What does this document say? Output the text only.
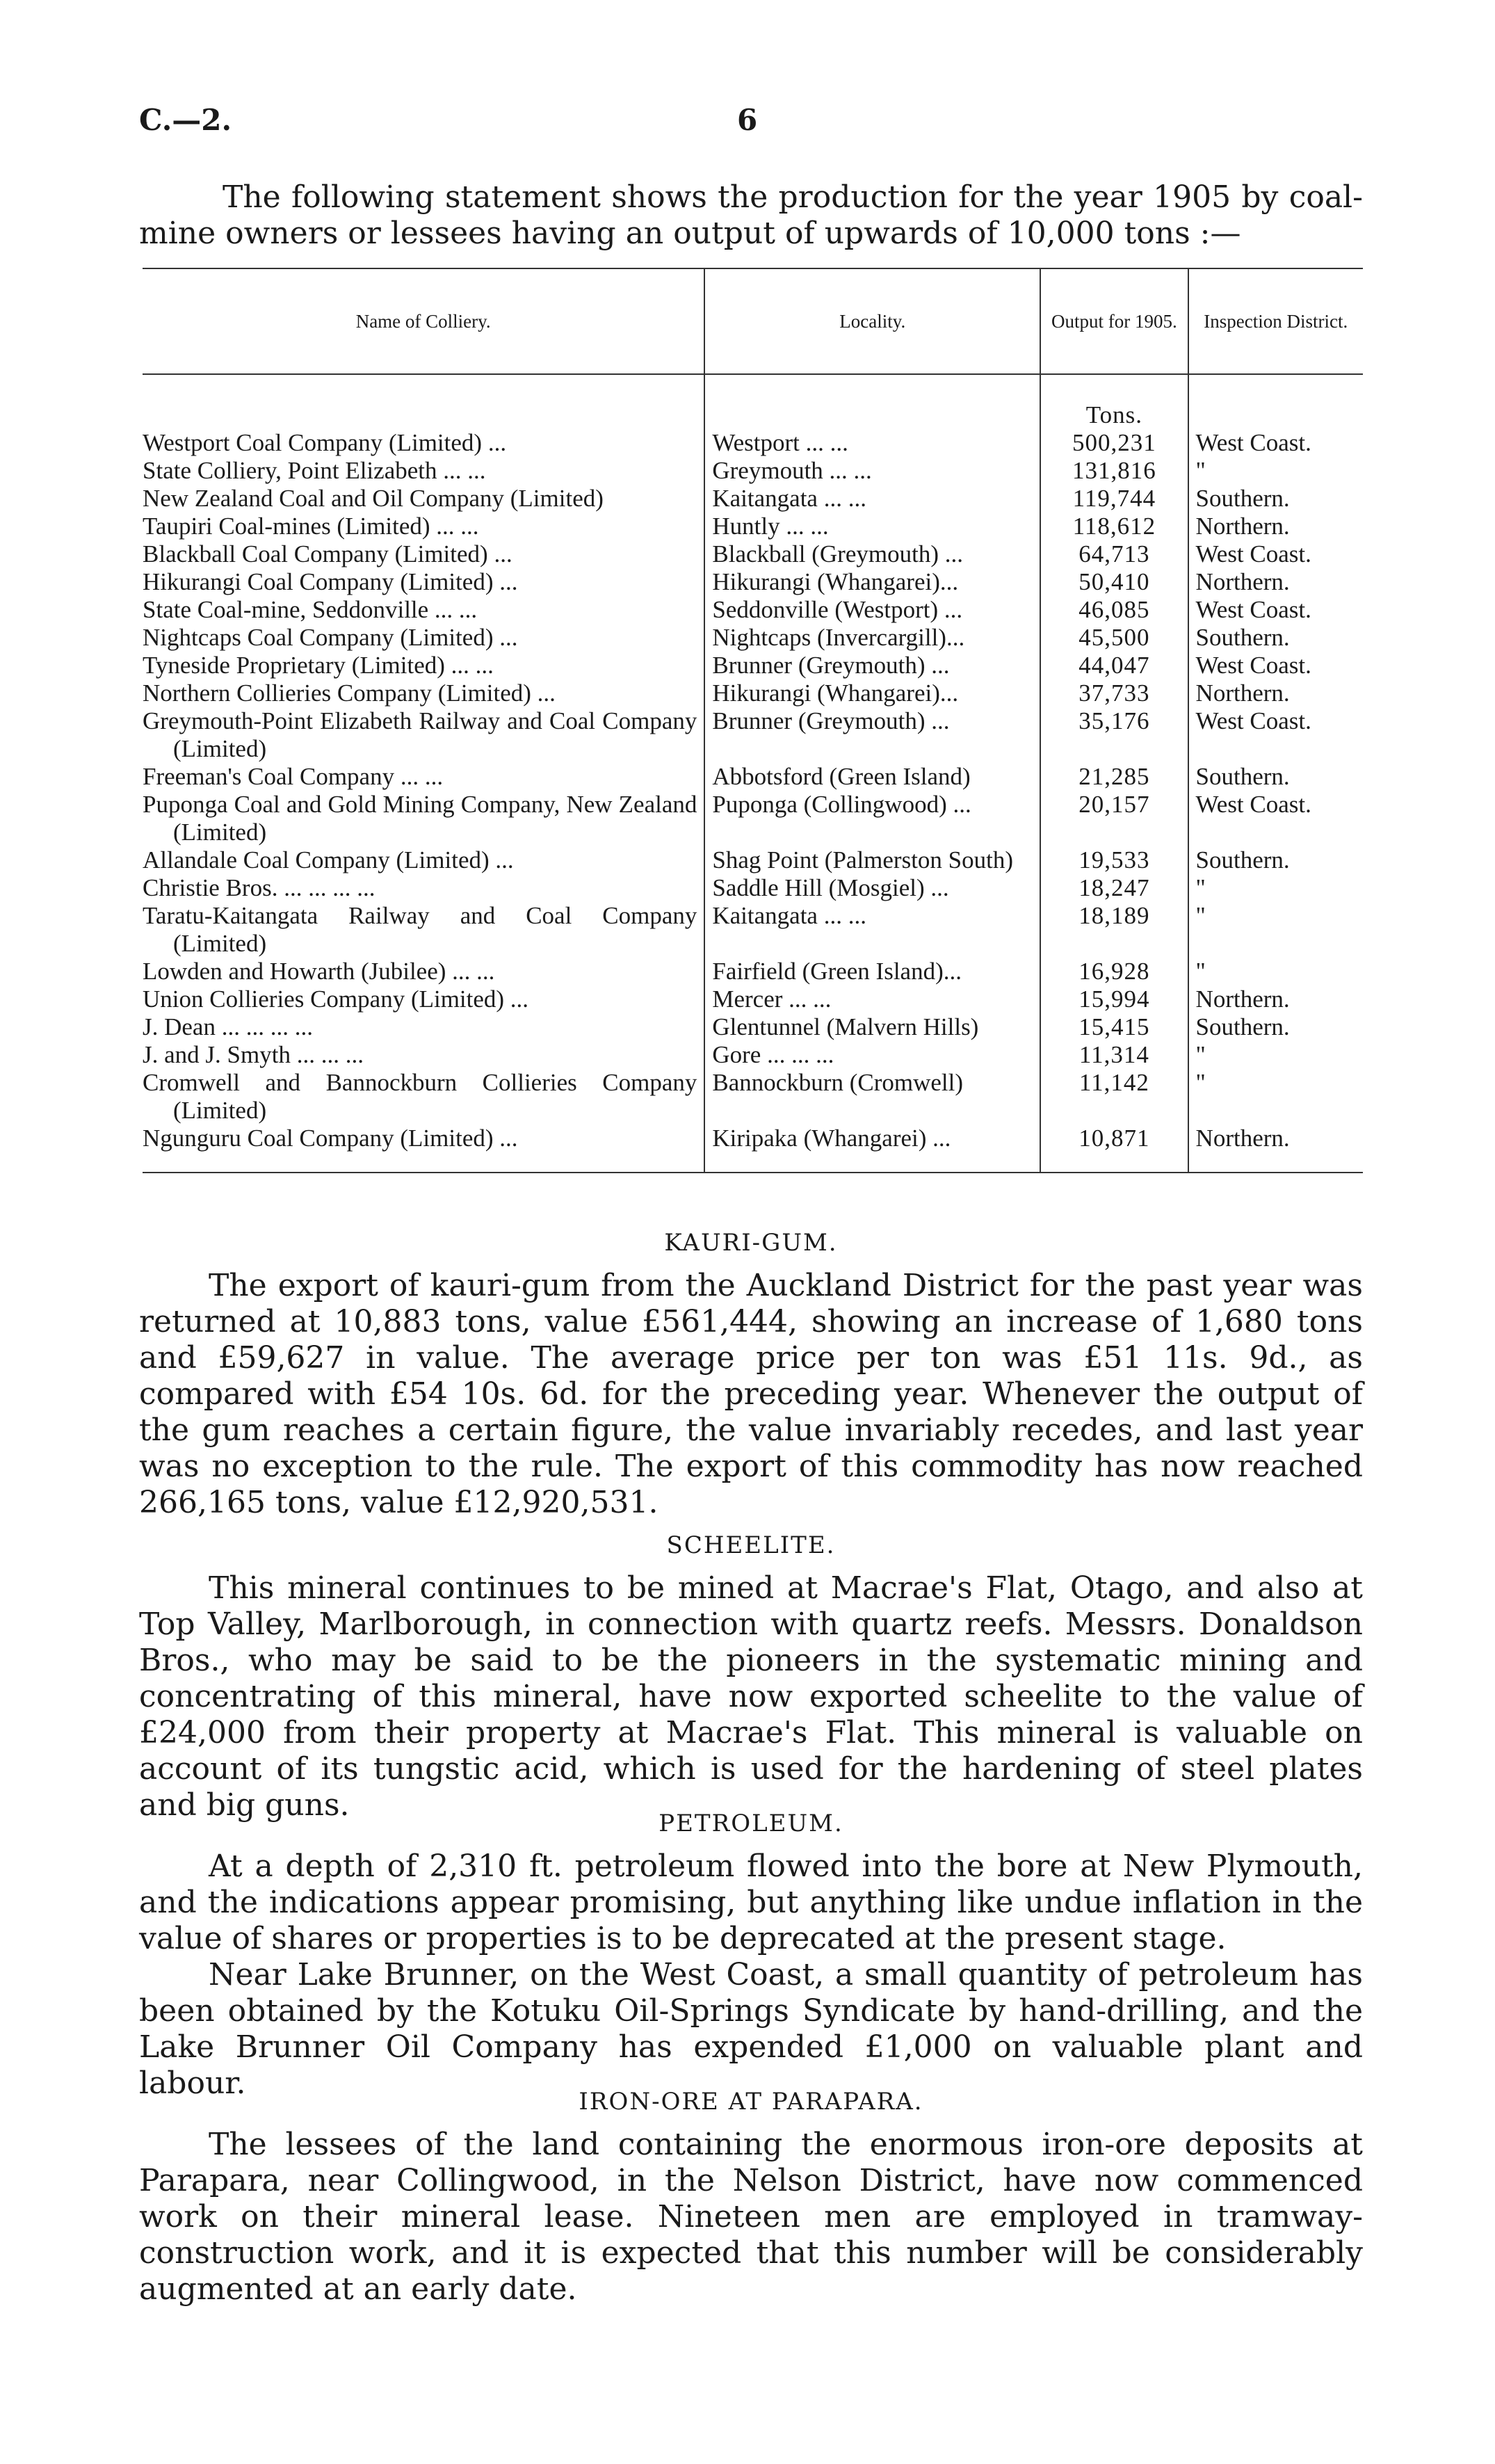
C.—2.	6

The following statement shows the production for the year 1905 by coal-mine owners or lessees having an output of upwards of 10,000 tons :—

Name of Colliery.	Locality.	Output for 1905.	Inspection District.

		Tons.	

Westport Coal Company (Limited) ...	Westport ... ...	500,231	West Coast.

State Colliery, Point Elizabeth ... ...	Greymouth ... ...	131,816	"

New Zealand Coal and Oil Company (Limited)	Kaitangata ... ...	119,744	Southern.

Taupiri Coal-mines (Limited) ... ...	Huntly ... ...	118,612	Northern.

Blackball Coal Company (Limited) ...	Blackball (Greymouth) ...	64,713	West Coast.

Hikurangi Coal Company (Limited) ...	Hikurangi (Whangarei)...	50,410	Northern.

State Coal-mine, Seddonville ... ...	Seddonville (Westport) ...	46,085	West Coast.

Nightcaps Coal Company (Limited) ...	Nightcaps (Invercargill)...	45,500	Southern.

Tyneside Proprietary (Limited) ... ...	Brunner (Greymouth) ...	44,047	West Coast.

Northern Collieries Company (Limited) ...	Hikurangi (Whangarei)...	37,733	Northern.

Greymouth-Point Elizabeth Railway and Coal Company (Limited)	Brunner (Greymouth) ...	35,176	West Coast.

Freeman's Coal Company ... ...	Abbotsford (Green Island)	21,285	Southern.

Puponga Coal and Gold Mining Company, New Zealand (Limited)	Puponga (Collingwood) ...	20,157	West Coast.

Allandale Coal Company (Limited) ...	Shag Point (Palmerston South)	19,533	Southern.

Christie Bros. ... ... ... ...	Saddle Hill (Mosgiel) ...	18,247	"

Taratu-Kaitangata Railway and Coal Company (Limited)	Kaitangata ... ...	18,189	"

Lowden and Howarth (Jubilee) ... ...	Fairfield (Green Island)...	16,928	"

Union Collieries Company (Limited) ...	Mercer ... ...	15,994	Northern.

J. Dean ... ... ... ...	Glentunnel (Malvern Hills)	15,415	Southern.

J. and J. Smyth ... ... ...	Gore ... ... ...	11,314	"

Cromwell and Bannockburn Collieries Company (Limited)	Bannockburn (Cromwell)	11,142	"

Ngunguru Coal Company (Limited) ...	Kiripaka (Whangarei) ...	10,871	Northern.
KAURI-GUM.

The export of kauri-gum from the Auckland District for the past year was returned at 10,883 tons, value £561,444, showing an increase of 1,680 tons and £59,627 in value. The average price per ton was £51 11s. 9d., as compared with £54 10s. 6d. for the preceding year. Whenever the output of the gum reaches a certain figure, the value invariably recedes, and last year was no exception to the rule. The export of this commodity has now reached 266,165 tons, value £12,920,531.

SCHEELITE.

This mineral continues to be mined at Macrae's Flat, Otago, and also at Top Valley, Marlborough, in connection with quartz reefs. Messrs. Donaldson Bros., who may be said to be the pioneers in the systematic mining and concentrating of this mineral, have now exported scheelite to the value of £24,000 from their property at Macrae's Flat. This mineral is valuable on account of its tungstic acid, which is used for the hardening of steel plates and big guns.

PETROLEUM.

At a depth of 2,310 ft. petroleum flowed into the bore at New Plymouth, and the indications appear promising, but anything like undue inflation in the value of shares or properties is to be deprecated at the present stage.

Near Lake Brunner, on the West Coast, a small quantity of petroleum has been obtained by the Kotuku Oil-Springs Syndicate by hand-drilling, and the Lake Brunner Oil Company has expended £1,000 on valuable plant and labour.

IRON-ORE AT PARAPARA.

The lessees of the land containing the enormous iron-ore deposits at Parapara, near Collingwood, in the Nelson District, have now commenced work on their mineral lease. Nineteen men are employed in tramway-construction work, and it is expected that this number will be considerably augmented at an early date.
